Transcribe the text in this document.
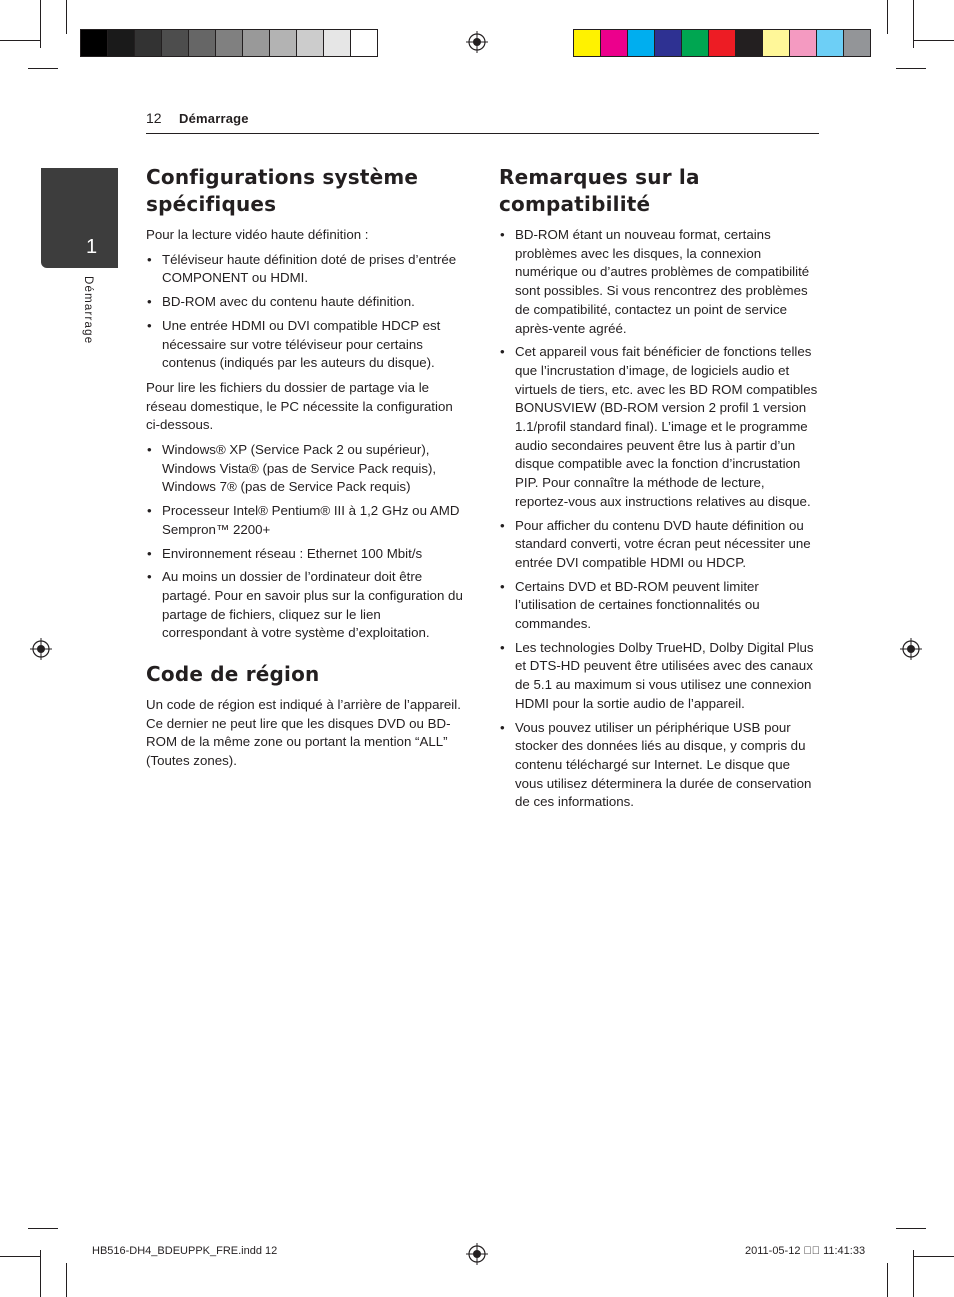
12 Démarrage
1
Démarrage
Configurations système spécifiques

Pour la lecture vidéo haute définition :

• Téléviseur haute définition doté de prises d’entrée COMPONENT ou HDMI.
• BD-ROM avec du contenu haute définition.
• Une entrée HDMI ou DVI compatible HDCP est nécessaire sur votre téléviseur pour certains contenus (indiqués par les auteurs du disque).

Pour lire les fichiers du dossier de partage via le réseau domestique, le PC nécessite la configuration ci-dessous.

• Windows® XP (Service Pack 2 ou supérieur), Windows Vista® (pas de Service Pack requis), Windows 7® (pas de Service Pack requis)
• Processeur Intel® Pentium® III à 1,2 GHz ou AMD Sempron™ 2200+
• Environnement réseau : Ethernet 100 Mbit/s
• Au moins un dossier de l’ordinateur doit être partagé. Pour en savoir plus sur la configuration du partage de fichiers, cliquez sur le lien correspondant à votre système d’exploitation.
Code de région

Un code de région est indiqué à l’arrière de l’appareil. Ce dernier ne peut lire que les disques DVD ou BD-ROM de la même zone ou portant la mention “ALL” (Toutes zones).

Remarques sur la compatibilité
• BD-ROM étant un nouveau format, certains problèmes avec les disques, la connexion numérique ou d’autres problèmes de compatibilité sont possibles. Si vous rencontrez des problèmes de compatibilité, contactez un point de service après-vente agréé.
• Cet appareil vous fait bénéficier de fonctions telles que l’incrustation d’image, de logiciels audio et virtuels de tiers, etc. avec les BD ROM compatibles BONUSVIEW (BD-ROM version 2 profil 1 version 1.1/profil standard final). L’image et le programme audio secondaires peuvent être lus à partir d’un disque compatible avec la fonction d’incrustation PIP. Pour connaître la méthode de lecture, reportez-vous aux instructions relatives au disque.
• Pour afficher du contenu DVD haute définition ou standard converti, votre écran peut nécessiter une entrée DVI compatible HDMI ou HDCP.
• Certains DVD et BD-ROM peuvent limiter l’utilisation de certaines fonctionnalités ou commandes.
• Les technologies Dolby TrueHD, Dolby Digital Plus et DTS-HD peuvent être utilisées avec des canaux de 5.1 au maximum si vous utilisez une connexion HDMI pour la sortie audio de l’appareil.
• Vous pouvez utiliser un périphérique USB pour stocker des données liés au disque, y compris du contenu téléchargé sur Internet. Le disque que vous utilisez déterminera la durée de conservation de ces informations.
HB516-DH4_BDEUPPK_FRE.indd 12	2011-05-12 ￿￿ 11:41:33
